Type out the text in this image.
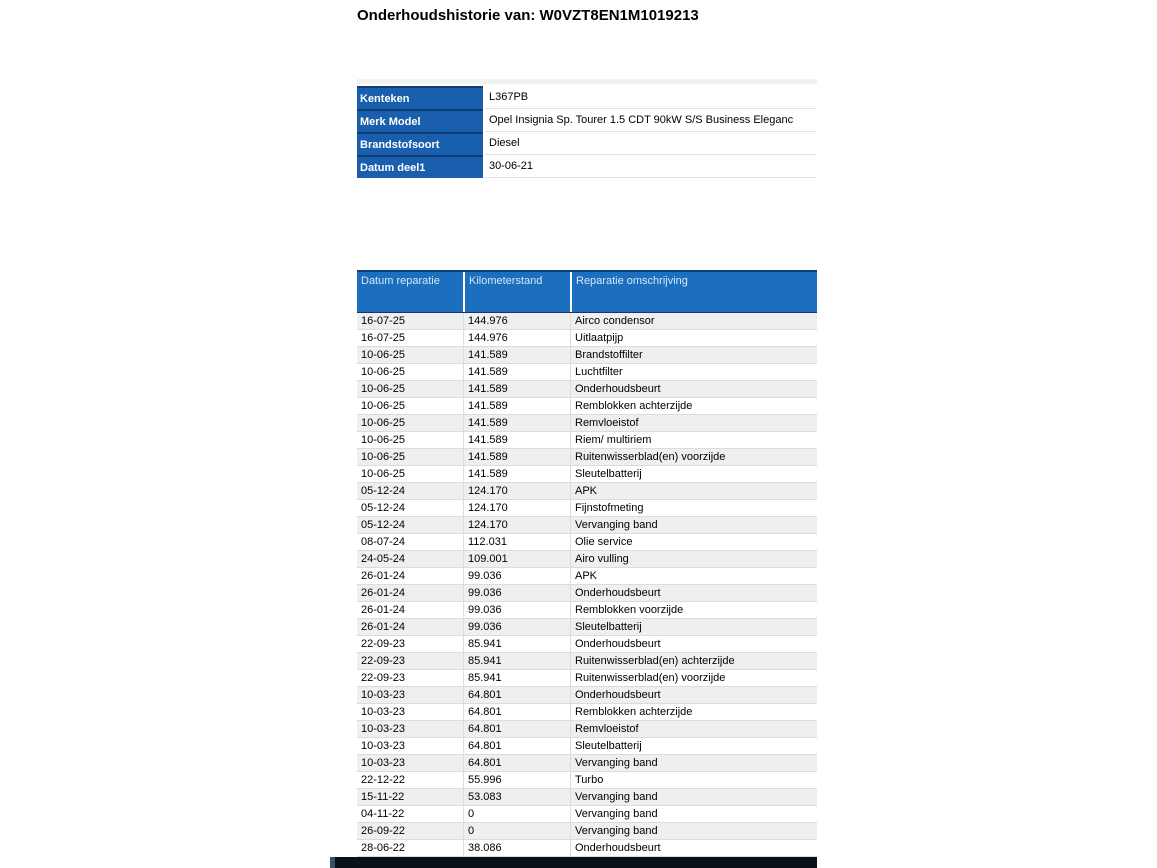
Onderhoudshistorie van: W0VZT8EN1M1019213
Kenteken	L367PB
Merk Model	Opel Insignia Sp. Tourer 1.5 CDT 90kW S/S Business Eleganc
Brandstofsoort	Diesel
Datum deel1	30-06-21
Datum reparatie	Kilometerstand	Reparatie omschrijving
16-07-25	144.976	Airco condensor
16-07-25	144.976	Uitlaatpijp
10-06-25	141.589	Brandstoffilter
10-06-25	141.589	Luchtfilter
10-06-25	141.589	Onderhoudsbeurt
10-06-25	141.589	Remblokken achterzijde
10-06-25	141.589	Remvloeistof
10-06-25	141.589	Riem/ multiriem
10-06-25	141.589	Ruitenwisserblad(en) voorzijde
10-06-25	141.589	Sleutelbatterij
05-12-24	124.170	APK
05-12-24	124.170	Fijnstofmeting
05-12-24	124.170	Vervanging band
08-07-24	112.031	Olie service
24-05-24	109.001	Airo vulling
26-01-24	99.036	APK
26-01-24	99.036	Onderhoudsbeurt
26-01-24	99.036	Remblokken voorzijde
26-01-24	99.036	Sleutelbatterij
22-09-23	85.941	Onderhoudsbeurt
22-09-23	85.941	Ruitenwisserblad(en) achterzijde
22-09-23	85.941	Ruitenwisserblad(en) voorzijde
10-03-23	64.801	Onderhoudsbeurt
10-03-23	64.801	Remblokken achterzijde
10-03-23	64.801	Remvloeistof
10-03-23	64.801	Sleutelbatterij
10-03-23	64.801	Vervanging band
22-12-22	55.996	Turbo
15-11-22	53.083	Vervanging band
04-11-22	0	Vervanging band
26-09-22	0	Vervanging band
28-06-22	38.086	Onderhoudsbeurt
